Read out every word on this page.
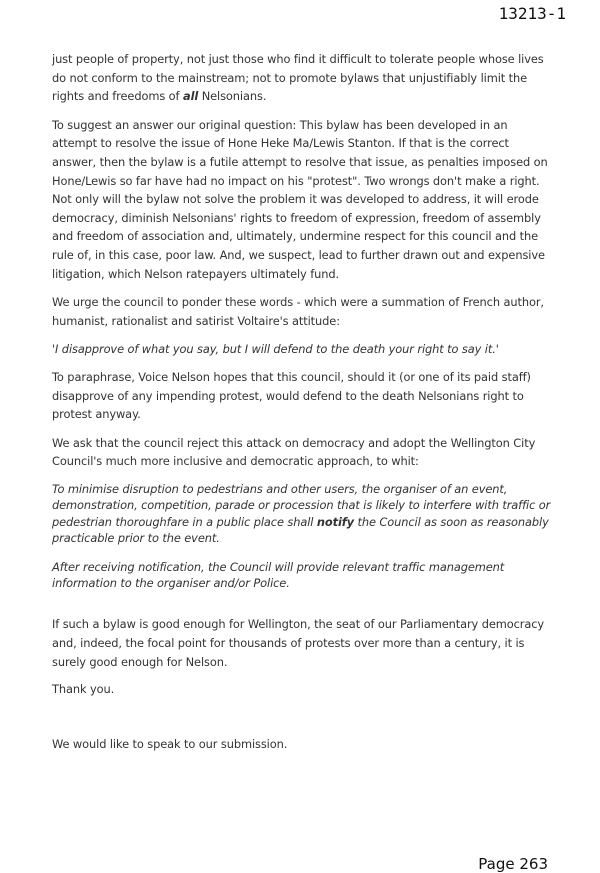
13213-1

just people of property, not just those who find it difficult to tolerate people whose lives do not conform to the mainstream; not to promote bylaws that unjustifiably limit the rights and freedoms of all Nelsonians.

To suggest an answer our original question: This bylaw has been developed in an attempt to resolve the issue of Hone Heke Ma/Lewis Stanton. If that is the correct answer, then the bylaw is a futile attempt to resolve that issue, as penalties imposed on Hone/Lewis so far have had no impact on his "protest". Two wrongs don't make a right. Not only will the bylaw not solve the problem it was developed to address, it will erode democracy, diminish Nelsonians' rights to freedom of expression, freedom of assembly and freedom of association and, ultimately, undermine respect for this council and the rule of, in this case, poor law. And, we suspect, lead to further drawn out and expensive litigation, which Nelson ratepayers ultimately fund.

We urge the council to ponder these words - which were a summation of French author, humanist, rationalist and satirist Voltaire's attitude:

'I disapprove of what you say, but I will defend to the death your right to say it.'

To paraphrase, Voice Nelson hopes that this council, should it (or one of its paid staff) disapprove of any impending protest, would defend to the death Nelsonians right to protest anyway.

We ask that the council reject this attack on democracy and adopt the Wellington City Council's much more inclusive and democratic approach, to whit:

To minimise disruption to pedestrians and other users, the organiser of an event, demonstration, competition, parade or procession that is likely to interfere with traffic or pedestrian thoroughfare in a public place shall notify the Council as soon as reasonably practicable prior to the event.

After receiving notification, the Council will provide relevant traffic management information to the organiser and/or Police.

If such a bylaw is good enough for Wellington, the seat of our Parliamentary democracy and, indeed, the focal point for thousands of protests over more than a century, it is surely good enough for Nelson.

Thank you.

We would like to speak to our submission.

Page 263
